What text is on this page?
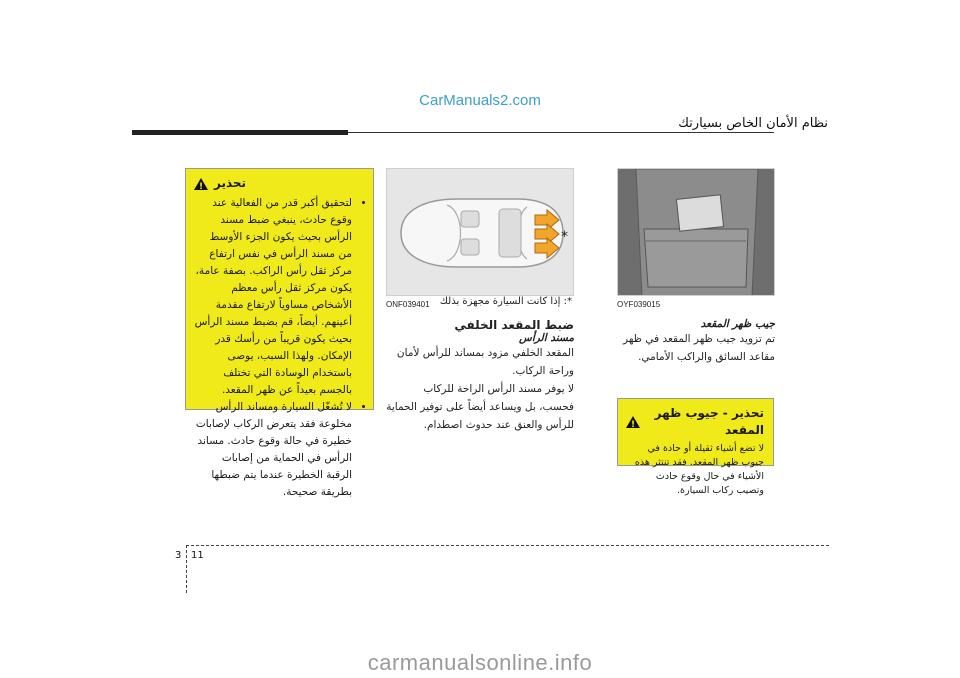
CarManuals2.com
نظام الأمان الخاص بسيارتك
!
تحذير
• لتحقيق أكبر قدر من الفعالية عند وقوع حادث، ينبغي ضبط مسند الرأس بحيث يكون الجزء الأوسط من مسند الرأس في نفس ارتفاع مركز ثقل رأس الراكب. بصفة عامة، يكون مركز ثقل رأس معظم الأشخاص مساوياً لارتفاع مقدمة أعينهم. أيضاً، قم بضبط مسند الرأس بحيث يكون قريباً من رأسك قدر الإمكان. ولهذا السبب، يوصى باستخدام الوسادة التي تختلف بالجسم بعيداً عن ظهر المقعد.
• لا تُشغّل السيارة ومساند الرأس مخلوعة فقد يتعرض الركاب لإصابات خطيرة في حالة وقوع حادث. مساند الرأس في الحماية من إصابات الرقبة الخطيرة عندما يتم ضبطها بطريقة صحيحة.
*
ONF039401	*: إذا كانت السيارة مجهزة بذلك
ضبط المقعد الخلفي
مسند الرأس
المقعد الخلفي مزود بمساند للرأس لأمان وراحة الركاب.
لا يوفر مسند الرأس الراحة للركاب فحسب، بل ويساعد أيضاً على توفير الحماية للرأس والعنق عند حدوث اصطدام.
OYF039015
جيب ظهر المقعد
تم تزويد جيب ظهر المقعد في ظهر مقاعد السائق والراكب الأمامي.
!
تحذير - جيوب ظهر المقعد
لا تضع أشياء ثقيلة أو حادة في جيوب ظهر المقعد. فقد تنتثر هذه الأشياء في حال وقوع حادث وتصيب ركاب السيارة.
3 11
carmanualsonline.info
